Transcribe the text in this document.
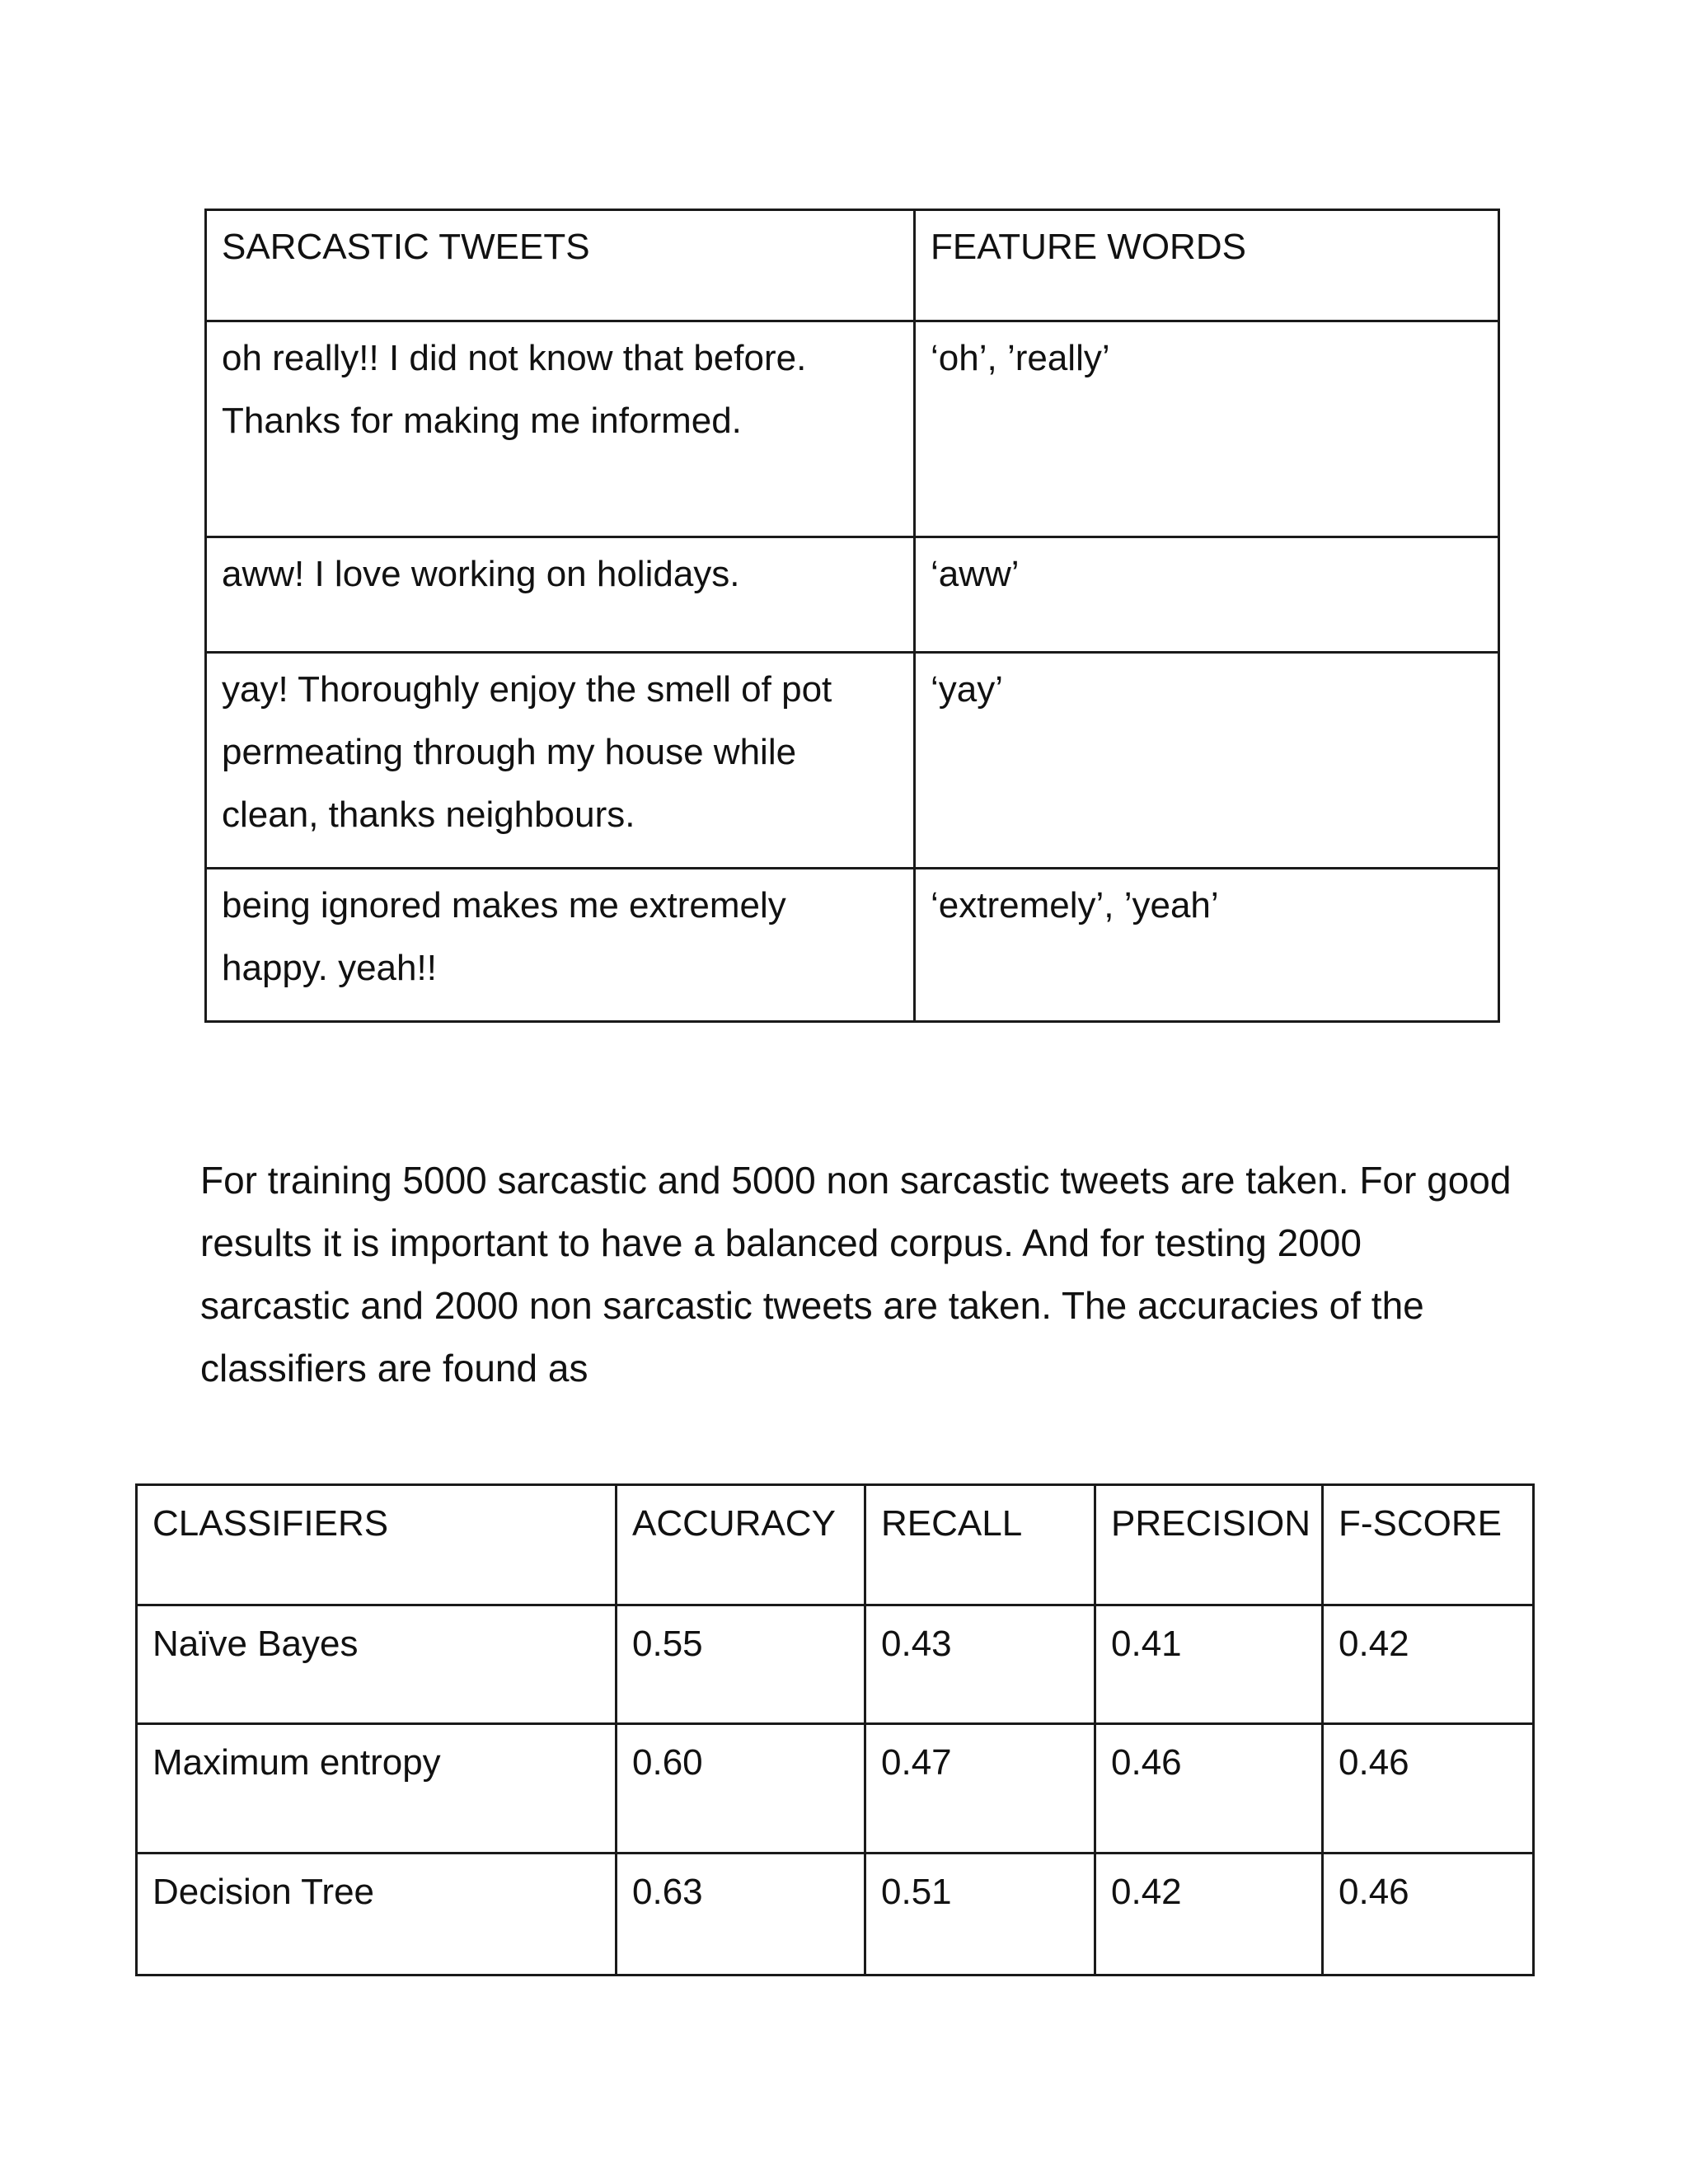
SARCASTIC TWEETS	FEATURE WORDS
oh really!! I did not know that before. Thanks for making me informed.	‘oh’, ’really’
aww! I love working on holidays.	‘aww’
yay! Thoroughly enjoy the smell of pot permeating through my house while clean, thanks neighbours.	‘yay’
being ignored makes me extremely happy. yeah!!	‘extremely’, ’yeah’

For training 5000 sarcastic and 5000 non sarcastic tweets are taken. For good results it is important to have a balanced corpus. And for testing 2000 sarcastic and 2000 non sarcastic tweets are taken. The accuracies of the classifiers are found as

CLASSIFIERS	ACCURACY	RECALL	PRECISION	F-SCORE
Naïve Bayes	0.55	0.43	0.41	0.42
Maximum entropy	0.60	0.47	0.46	0.46
Decision Tree	0.63	0.51	0.42	0.46
